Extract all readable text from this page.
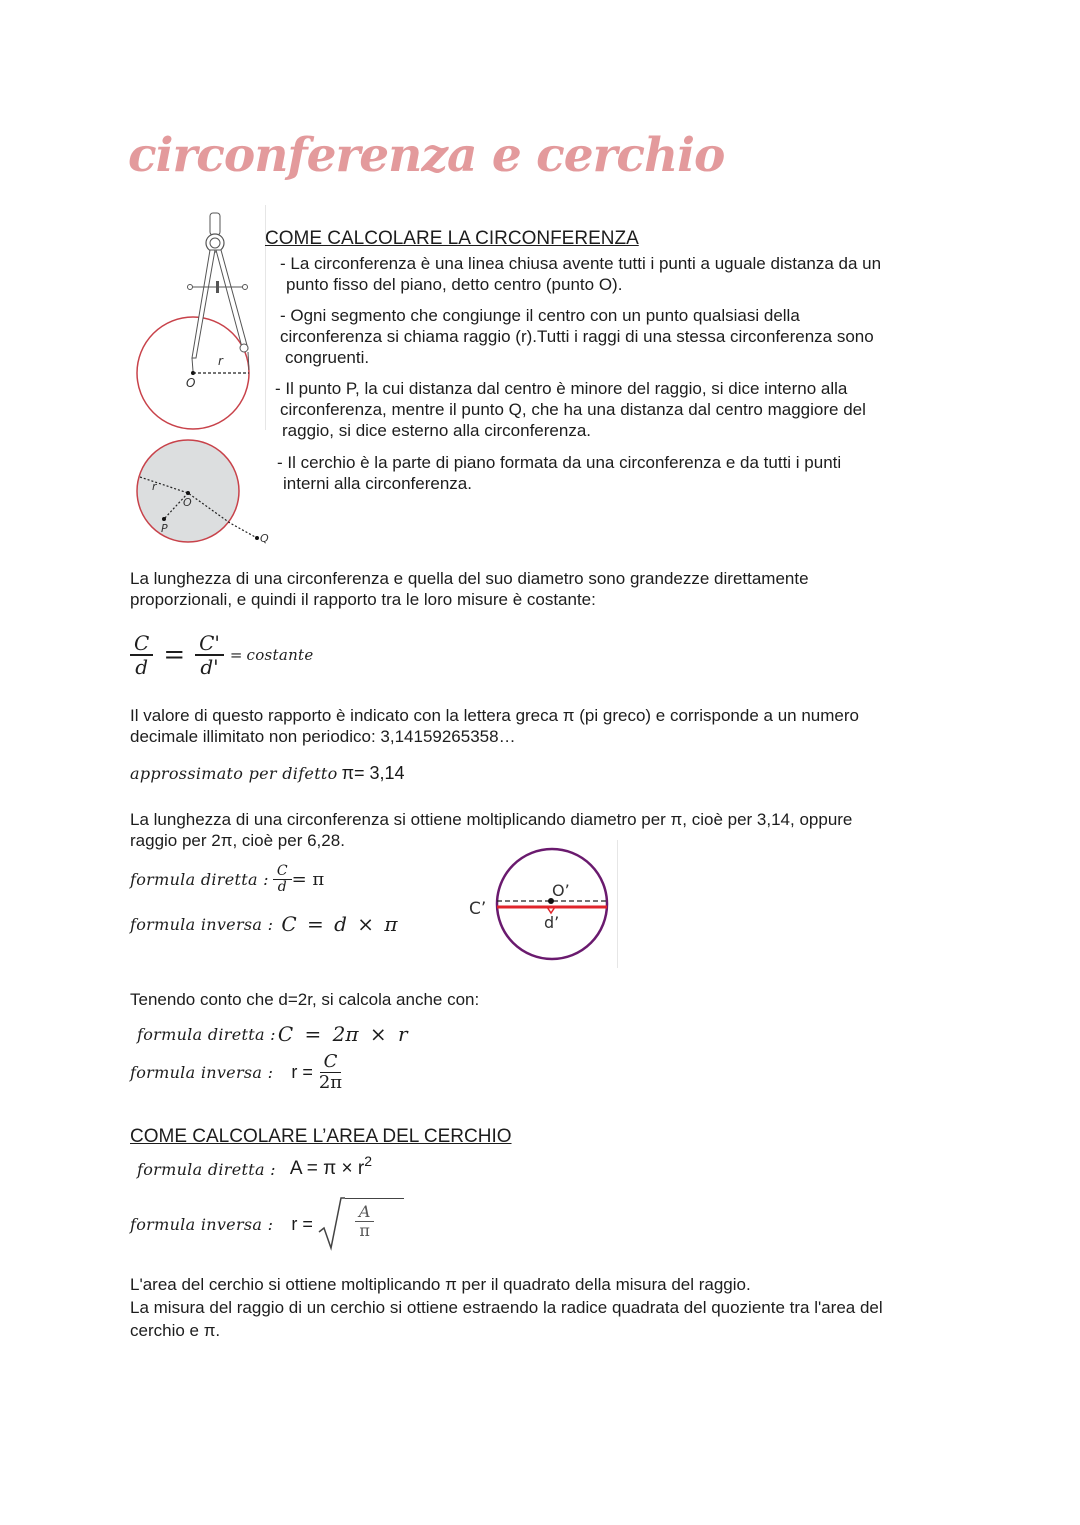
circonferenza e cerchio
r
O
r
O
P
Q
COME CALCOLARE LA CIRCONFERENZA
- La circonferenza è una linea chiusa avente tutti i punti a uguale distanza da un
punto fisso del piano, detto centro (punto O).
- Ogni segmento che congiunge il centro con un punto qualsiasi della
circonferenza si chiama raggio (r).Tutti i raggi di una stessa circonferenza sono
congruenti.
- Il punto P, la cui distanza dal centro è minore del raggio, si dice interno alla
circonferenza, mentre il punto Q, che ha una distanza dal centro maggiore del
raggio, si dice esterno alla circonferenza.
- Il cerchio è la parte di piano formata da una circonferenza e da tutti i punti
interni alla circonferenza.
La lunghezza di una circonferenza e quella del suo diametro sono grandezze direttamente
proporzionali, e quindi il rapporto tra le loro misure è costante:
$\frac{C}{d} = \frac{C'}{d'}$ = costante
Il valore di questo rapporto è indicato con la lettera greca π (pi greco) e corrisponde a un numero
decimale illimitato non periodico: 3,14159265358…
approssimato per difetto π= 3,14
La lunghezza di una circonferenza si ottiene moltiplicando diametro per π, cioè per 3,14, oppure
raggio per 2π, cioè per 6,28.
formula diretta : $\frac{C}{d} = \pi$
formula inversa : C = d × π
O’
C’
d’
Tenendo conto che d=2r, si calcola anche con:
formula diretta : C = 2π × r
formula inversa : $r = \frac{C}{2\pi}$
COME CALCOLARE L’AREA DEL CERCHIO
formula diretta : $A = \pi \times r^2$
formula inversa : r =	$\frac{A}{\pi}$
L'area del cerchio si ottiene moltiplicando π per il quadrato della misura del raggio.
La misura del raggio di un cerchio si ottiene estraendo la radice quadrata del quoziente tra l'area del
cerchio e π.
